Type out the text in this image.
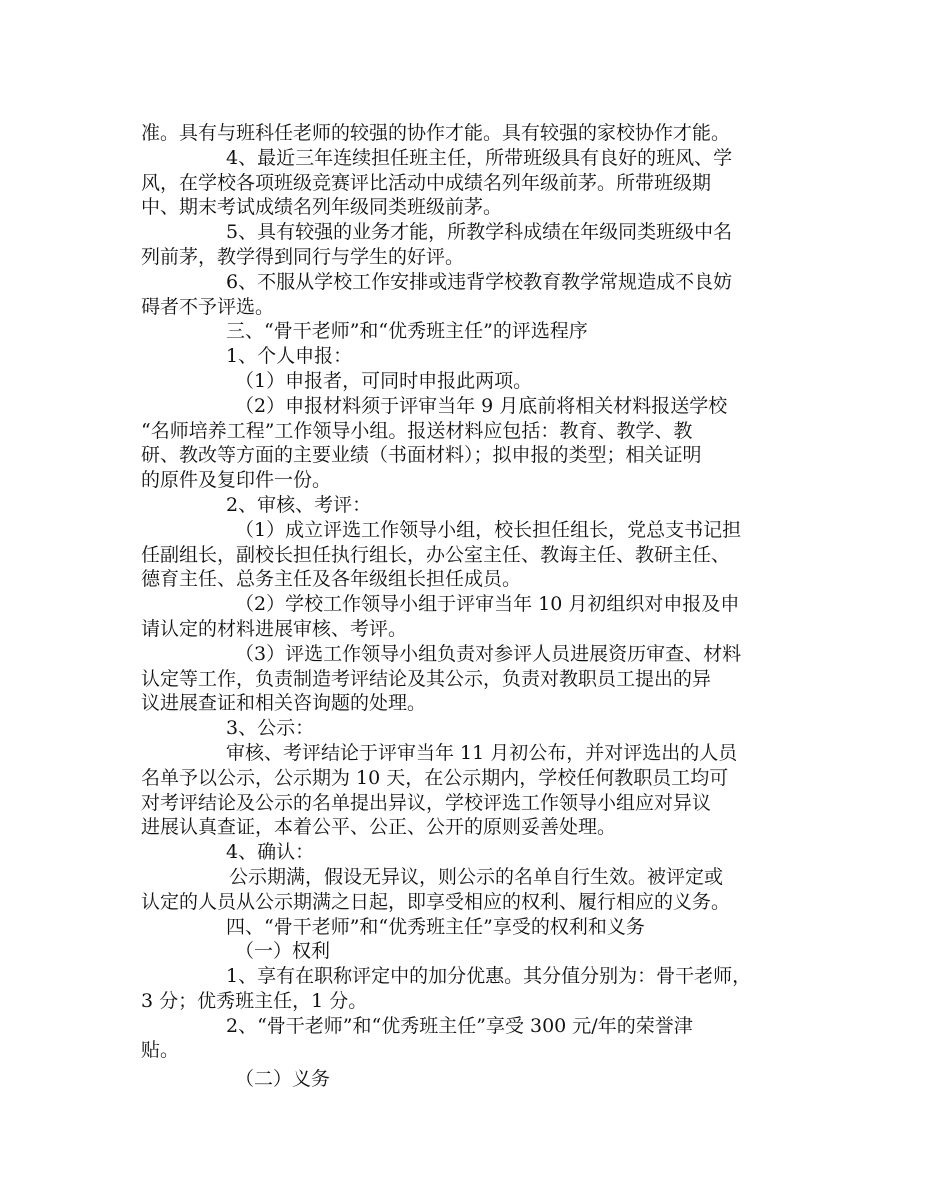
准。具有与班科任老师的较强的协作才能。具有较强的家校协作才能。
4、最近三年连续担任班主任，所带班级具有良好的班风、学
风，在学校各项班级竞赛评比活动中成绩名列年级前茅。所带班级期
中、期末考试成绩名列年级同类班级前茅。
5、具有较强的业务才能，所教学科成绩在年级同类班级中名
列前茅，教学得到同行与学生的好评。
6、不服从学校工作安排或违背学校教育教学常规造成不良妨
碍者不予评选。
三、“骨干老师”和“优秀班主任”的评选程序
1、个人申报：
（1）申报者，可同时申报此两项。
（2）申报材料须于评审当年 9 月底前将相关材料报送学校
“名师培养工程”工作领导小组。报送材料应包括：教育、教学、教
研、教改等方面的主要业绩（书面材料）；拟申报的类型；相关证明
的原件及复印件一份。
2、审核、考评：
（1）成立评选工作领导小组，校长担任组长，党总支书记担
任副组长，副校长担任执行组长，办公室主任、教诲主任、教研主任、
德育主任、总务主任及各年级组长担任成员。
（2）学校工作领导小组于评审当年 10 月初组织对申报及申
请认定的材料进展审核、考评。
（3）评选工作领导小组负责对参评人员进展资历审查、材料
认定等工作，负责制造考评结论及其公示，负责对教职员工提出的异
议进展查证和相关咨询题的处理。
3、公示：
审核、考评结论于评审当年 11 月初公布，并对评选出的人员
名单予以公示，公示期为 10 天，在公示期内，学校任何教职员工均可
对考评结论及公示的名单提出异议，学校评选工作领导小组应对异议
进展认真查证，本着公平、公正、公开的原则妥善处理。
4、确认：
公示期满，假设无异议，则公示的名单自行生效。被评定或
认定的人员从公示期满之日起，即享受相应的权利、履行相应的义务。
四、“骨干老师”和“优秀班主任”享受的权利和义务
（一）权利
1、享有在职称评定中的加分优惠。其分值分别为：骨干老师，
3 分；优秀班主任，1 分。
2、“骨干老师”和“优秀班主任”享受 300 元/年的荣誉津
贴。
（二）义务
